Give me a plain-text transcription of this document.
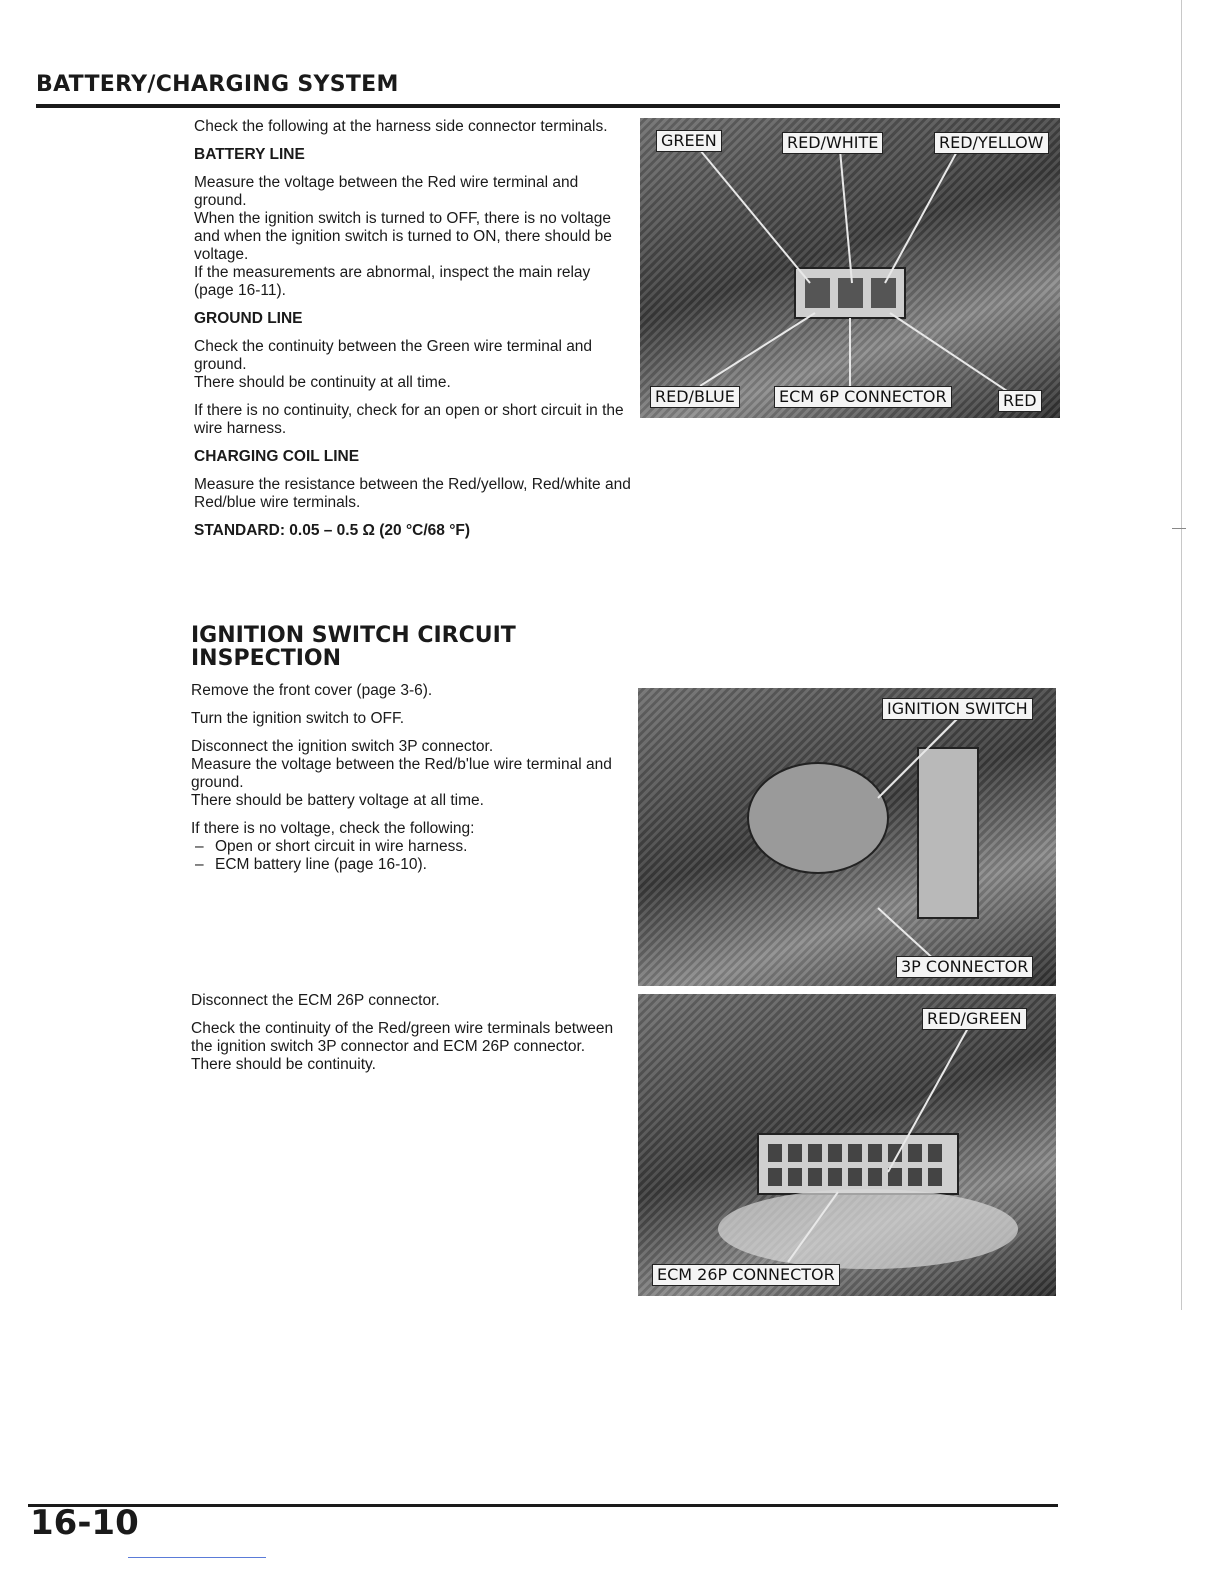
BATTERY/CHARGING SYSTEM

Check the following at the harness side connector terminals.

BATTERY LINE
Measure the voltage between the Red wire terminal and ground.
When the ignition switch is turned to OFF, there is no voltage and when the ignition switch is turned to ON, there should be voltage.

If the measurements are abnormal, inspect the main relay (page 16-11).

GROUND LINE
Check the continuity between the Green wire terminal and ground.

There should be continuity at all time.

If there is no continuity, check for an open or short circuit in the wire harness.

CHARGING COIL LINE

Measure the resistance between the Red/yellow, Red/white and Red/blue wire terminals.

STANDARD: 0.05 – 0.5 Ω (20 °C/68 °F)
IGNITION SWITCH CIRCUIT
INSPECTION

Remove the front cover (page 3-6).

Turn the ignition switch to OFF.

Disconnect the ignition switch 3P connector.
Measure the voltage between the Red/b'lue wire terminal and ground.

There should be battery voltage at all time.

If there is no voltage, check the following:
– Open or short circuit in wire harness.
– ECM battery line (page 16-10).

Disconnect the ECM 26P connector.

Check the continuity of the Red/green wire terminals between the ignition switch 3P connector and ECM 26P connector.
There should be continuity.
GREEN	RED/WHITE	RED/YELLOW
RED/BLUE	ECM 6P CONNECTOR	RED
IGNITION SWITCH
3P CONNECTOR
RED/GREEN
ECM 26P CONNECTOR
16-10
